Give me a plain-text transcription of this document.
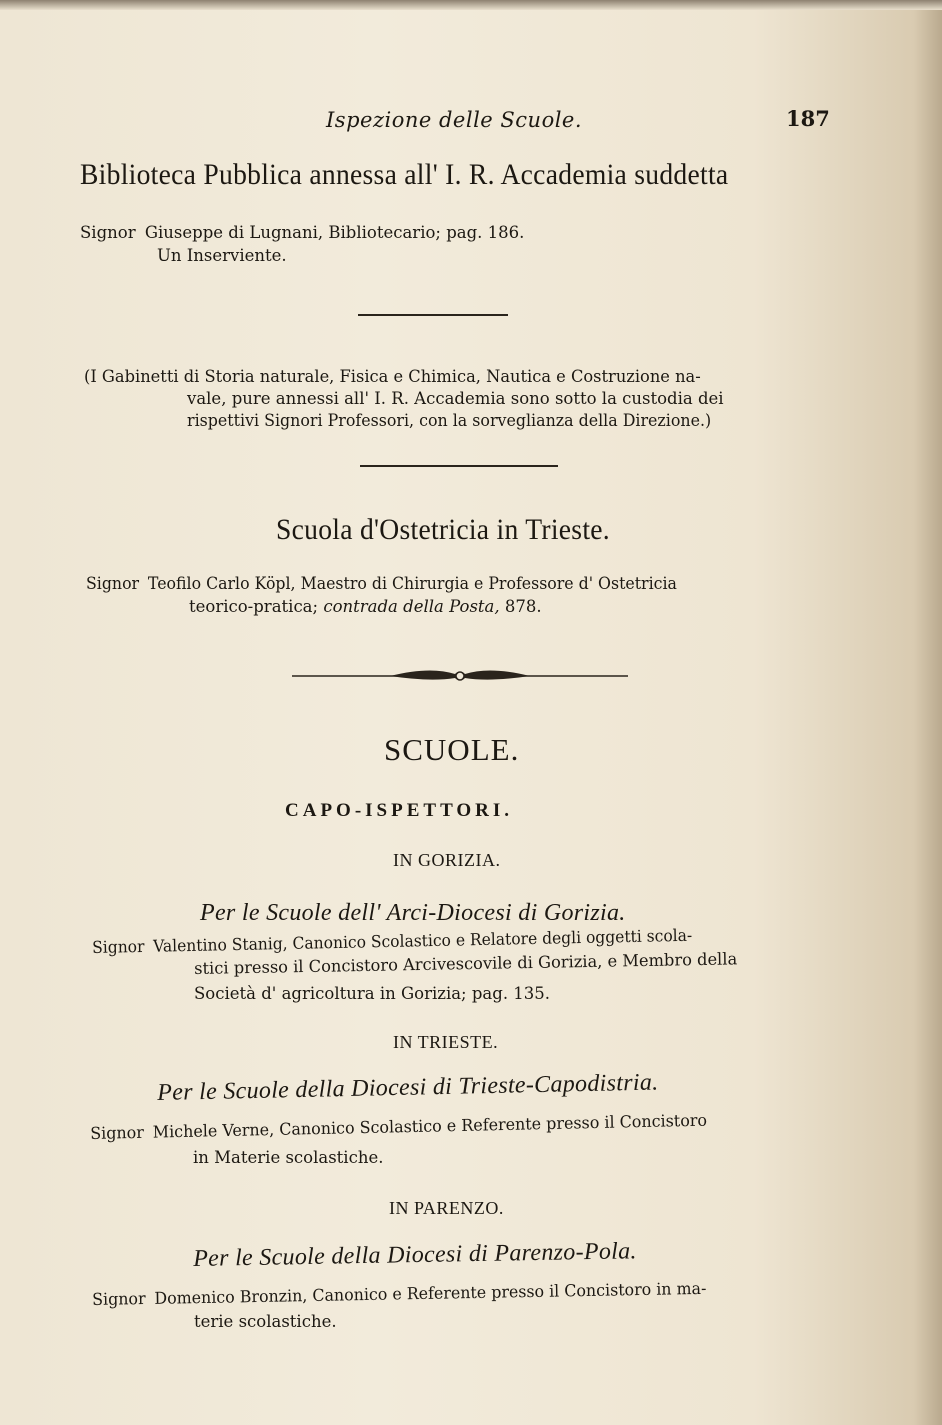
Ispezione delle Scuole.	187
Biblioteca Pubblica annessa all' I. R. Accademia suddetta
Signor Giuseppe di Lugnani, Bibliotecario; pag. 186.
Un Inserviente.
(I Gabinetti di Storia naturale, Fisica e Chimica, Nautica e Costruzione na-
vale, pure annessi all' I. R. Accademia sono sotto la custodia dei
rispettivi Signori Professori, con la sorveglianza della Direzione.)
Scuola d'Ostetricia in Trieste.
Signor Teofilo Carlo Köpl, Maestro di Chirurgia e Professore d' Ostetricia
teorico-pratica; contrada della Posta, 878.
SCUOLE.
CAPO-ISPETTORI.
IN GORIZIA.
Per le Scuole dell' Arci-Diocesi di Gorizia.
Signor Valentino Stanig, Canonico Scolastico e Relatore degli oggetti scola-
stici presso il Concistoro Arcivescovile di Gorizia, e Membro della
Società d' agricoltura in Gorizia; pag. 135.
IN TRIESTE.
Per le Scuole della Diocesi di Trieste-Capodistria.
Signor Michele Verne, Canonico Scolastico e Referente presso il Concistoro
in Materie scolastiche.
IN PARENZO.
Per le Scuole della Diocesi di Parenzo-Pola.
Signor Domenico Bronzin, Canonico e Referente presso il Concistoro in ma-
terie scolastiche.
